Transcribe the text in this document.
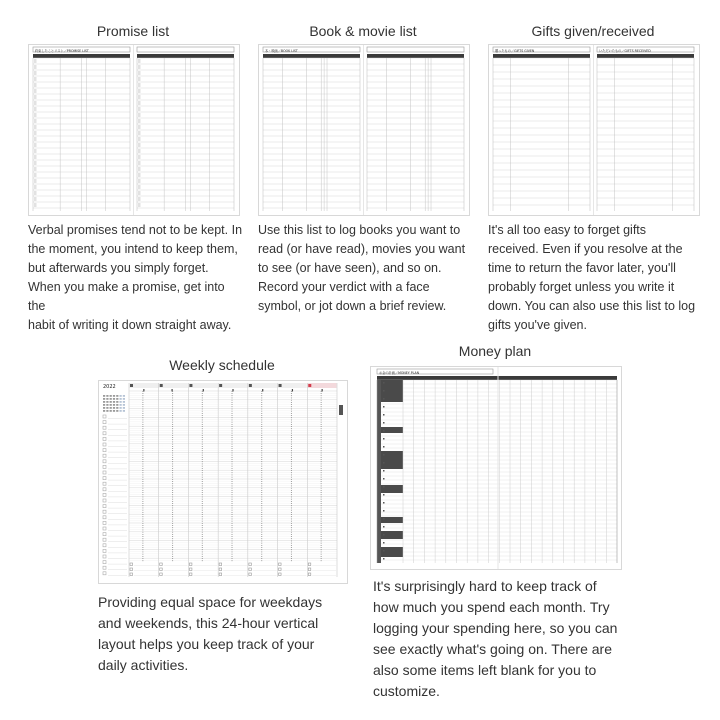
Promise list	Book & movie list	Gifts given/received
約束したことリスト／PROMISE LIST	本・映画／BOOK LIST	贈ったもの／GIFTS GIVEN	いただいたもの／GIFTS RECEIVED
Verbal promises tend not to be kept. In
the moment, you intend to keep them,
but afterwards you simply forget.
When you make a promise, get into the
habit of writing it down straight away.
Use this list to log books you want to
read (or have read), movies you want
to see (or have seen), and so on.
Record your verdict with a face
symbol, or jot down a brief review.
It's all too easy to forget gifts
received. Even if you resolve at the
time to return the favor later, you'll
probably forget unless you write it
down. You can also use this list to log
gifts you've given.
Weekly schedule
Money plan
2022
お金の計画／MONEY PLAN
Providing equal space for weekdays
and weekends, this 24-hour vertical
layout helps you keep track of your
daily activities.
It's surprisingly hard to keep track of
how much you spend each month. Try
logging your spending here, so you can
see exactly what's going on. There are
also some items left blank for you to
customize.
